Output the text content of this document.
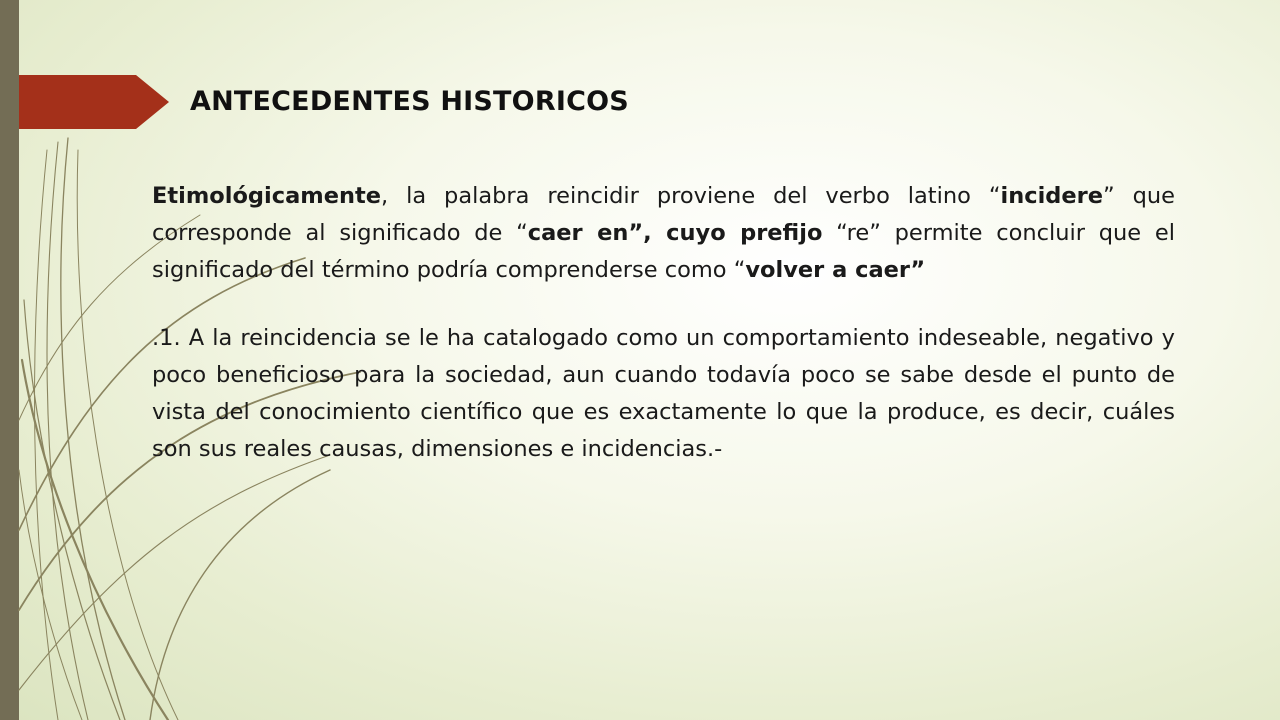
ANTECEDENTES HISTORICOS

Etimológicamente, la palabra reincidir proviene del verbo latino “incidere” que corresponde al significado de “caer en”, cuyo prefijo “re” permite concluir que el significado del término podría comprenderse como “volver a caer”

.1. A la reincidencia se le ha catalogado como un comportamiento indeseable, negativo y poco beneficioso para la sociedad, aun cuando todavía poco se sabe desde el punto de vista del conocimiento científico que es exactamente lo que la produce, es decir, cuáles son sus reales causas, dimensiones e incidencias.-
